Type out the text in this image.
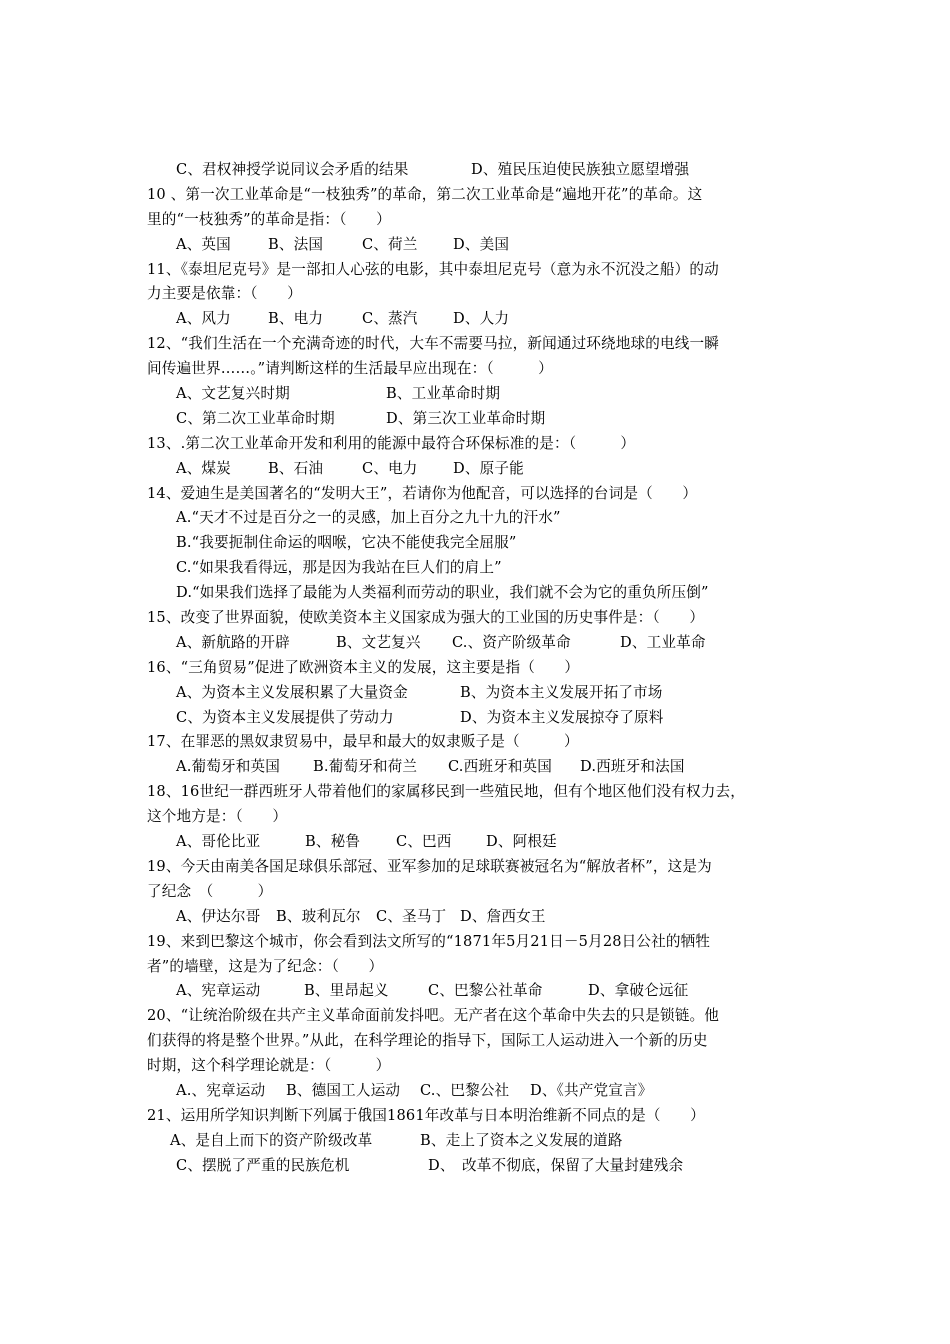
C、君权神授学说同议会矛盾的结果	D、殖民压迫使民族独立愿望增强
10 、第一次工业革命是“一枝独秀”的革命，第二次工业革命是“遍地开花”的革命。这
里的“一枝独秀”的革命是指：（　　）
A、英国	B、法国	C、荷兰 D、美国
11、《泰坦尼克号》是一部扣人心弦的电影，其中泰坦尼克号（意为永不沉没之船）的动
力主要是依靠：（　　）
A、风力	B、电力	C、蒸汽 D、人力
12、“我们生活在一个充满奇迹的时代，大车不需要马拉，新闻通过环绕地球的电线一瞬
间传遍世界……。”请判断这样的生活最早应出现在：（　　　）
A、文艺复兴时期	B、工业革命时期
C、第二次工业革命时期	D、第三次工业革命时期
13、.第二次工业革命开发和利用的能源中最符合环保标准的是：（　　　）
A、煤炭	B、石油	C、电力 D、原子能
14、爱迪生是美国著名的“发明大王”，若请你为他配音，可以选择的台词是（　　）
A.“天才不过是百分之一的灵感，加上百分之九十九的汗水”
B.“我要扼制住命运的咽喉，它决不能使我完全屈服”
C.“如果我看得远，那是因为我站在巨人们的肩上”
D.“如果我们选择了最能为人类福利而劳动的职业，我们就不会为它的重负所压倒”
15、改变了世界面貌，使欧美资本主义国家成为强大的工业国的历史事件是：（　　）
A、新航路的开辟	B、文艺复兴 C.、资产阶级革命	D、工业革命
16、“三角贸易”促进了欧洲资本主义的发展，这主要是指（　　）
A、为资本主义发展积累了大量资金	B、为资本主义发展开拓了市场
C、为资本主义发展提供了劳动力	D、为资本主义发展掠夺了原料
17、在罪恶的黑奴隶贸易中，最早和最大的奴隶贩子是（　　　）
A.葡萄牙和英国 B.葡萄牙和荷兰 C.西班牙和英国 D.西班牙和法国
18、16世纪一群西班牙人带着他们的家属移民到一些殖民地，但有个地区他们没有权力去，
这个地方是：（　　）
A、哥伦比亚	B、秘鲁 C、巴西 D、阿根廷
19、今天由南美各国足球俱乐部冠、亚军参加的足球联赛被冠名为“解放者杯”，这是为
了纪念　（　　　）
A、伊达尔哥 B、玻利瓦尔 C、圣马丁 D、詹西女王
19、来到巴黎这个城市，你会看到法文所写的“1871年5月21日－5月28日公社的牺牲
者”的墙壁，这是为了纪念：（　　）
A、宪章运动	B、里昂起义	C、巴黎公社革命	D、拿破仑远征
20、“让统治阶级在共产主义革命面前发抖吧。无产者在这个革命中失去的只是锁链。他
们获得的将是整个世界。”从此，在科学理论的指导下，国际工人运动进入一个新的历史
时期，这个科学理论就是：（　　　）
A.、宪章运动 B、德国工人运动 C.、巴黎公社 D、《共产党宣言》
21、运用所学知识判断下列属于俄国1861年改革与日本明治维新不同点的是（　　）
A、是自上而下的资产阶级改革	B、走上了资本之义发展的道路
C、摆脱了严重的民族危机	D、　改革不彻底，保留了大量封建残余
